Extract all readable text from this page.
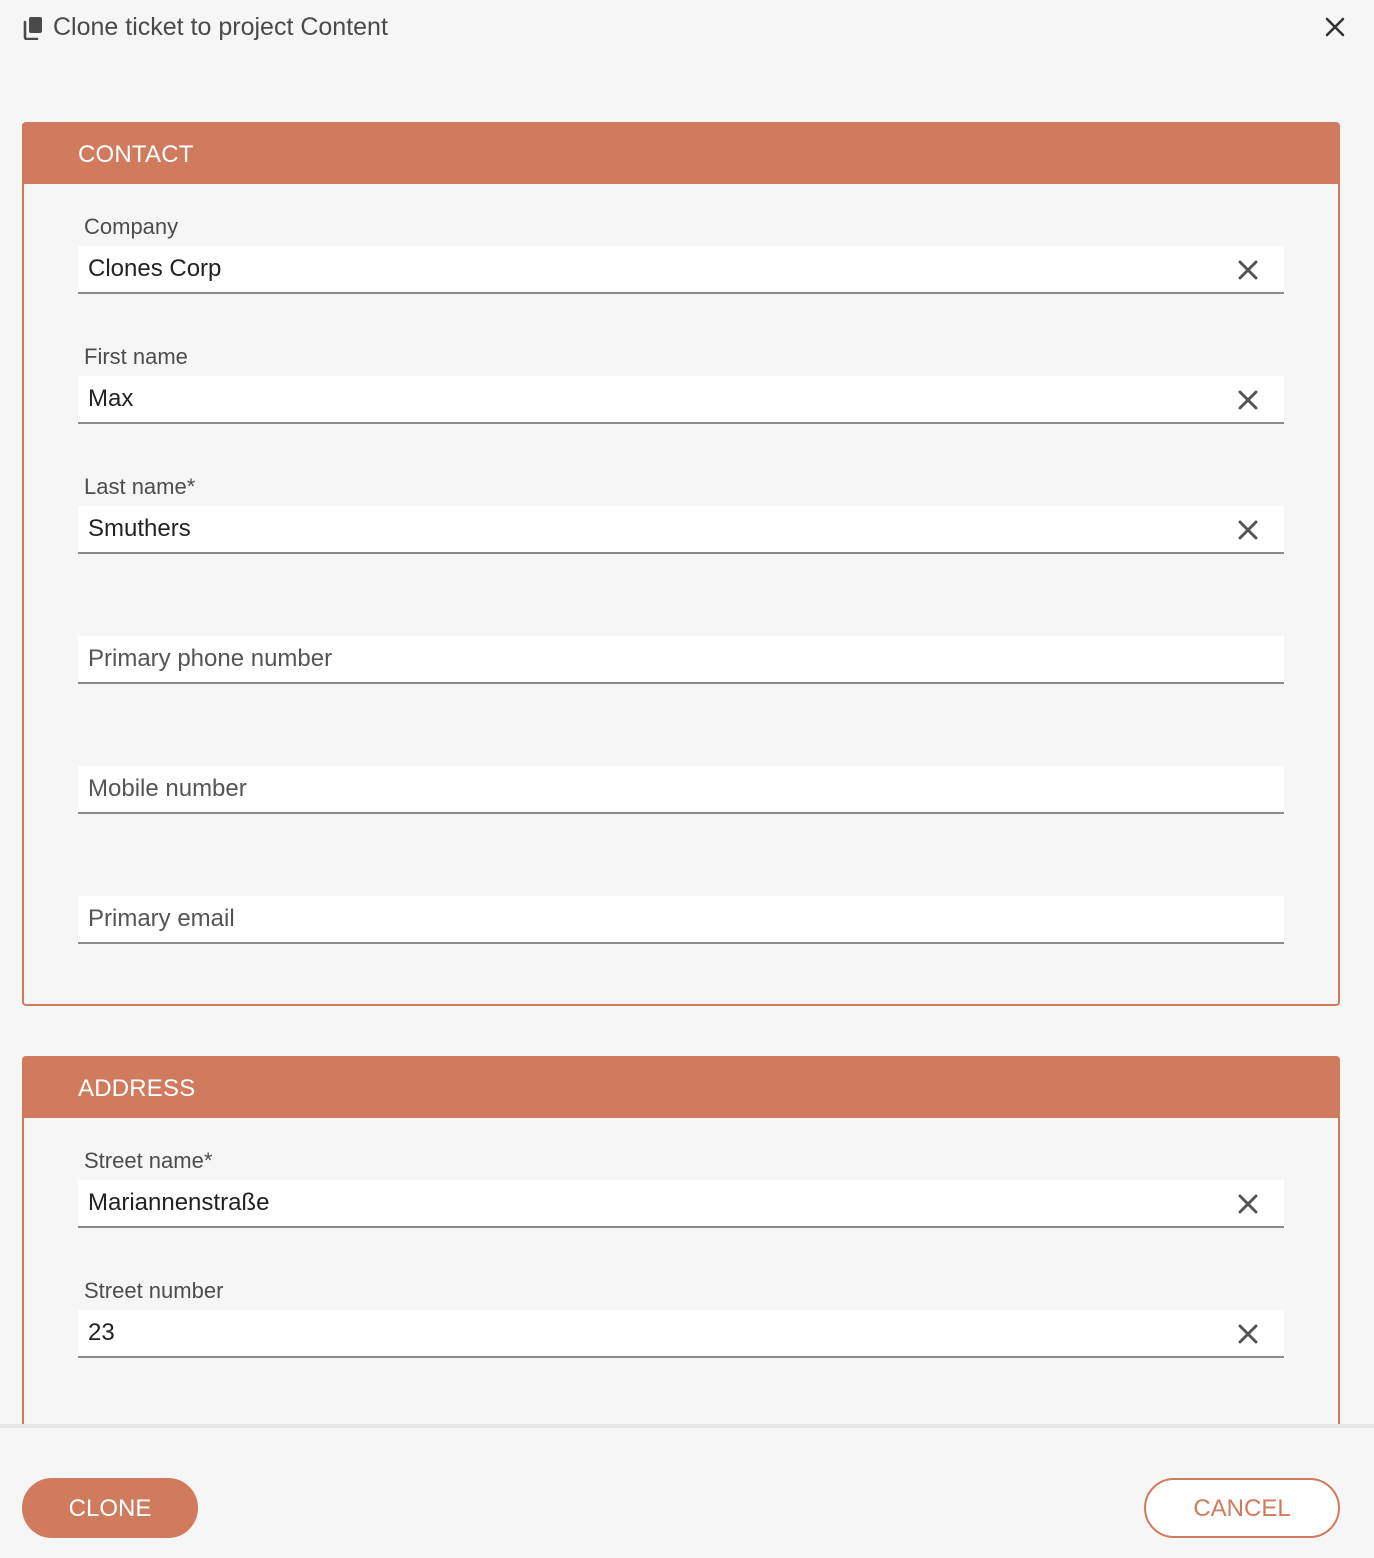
Clone ticket to project Content
CONTACT
Company
Clones Corp
First name
Max
Last name*
Smuthers
Primary phone number
Mobile number
Primary email
ADDRESS
Street name*
Mariannenstraße
Street number
23
CLONE	CANCEL
